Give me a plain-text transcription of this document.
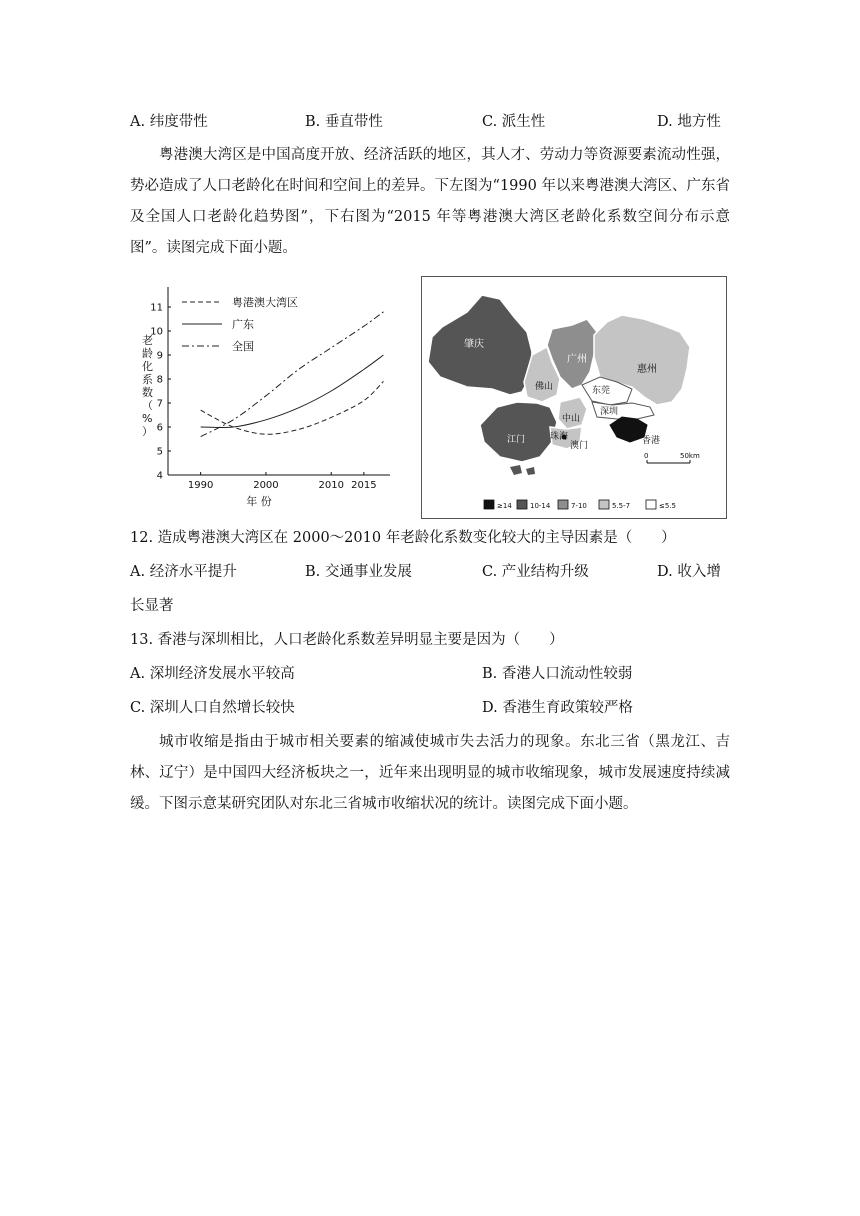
A. 纬度带性	B. 垂直带性	C. 派生性	D. 地方性
粤港澳大湾区是中国高度开放、经济活跃的地区，其人才、劳动力等资源要素流动性强，势必造成了人口老龄化在时间和空间上的差异。下左图为“1990 年以来粤港澳大湾区、广东省及全国人口老龄化趋势图”，下右图为“2015 年等粤港澳大湾区老龄化系数空间分布示意图”。读图完成下面小题。
4
5
6
7
8
9
10
11
1990	2000	2010 2015
年 份
老龄化系数（%）
粤港澳大湾区
广东
全国	肇庆
广州
惠州
佛山	东莞
深圳
中山
江门	珠海
澳门	香港
0	50km
≥14	10-14	7-10	5.5-7	≤5.5
12. 造成粤港澳大湾区在 2000～2010 年老龄化系数变化较大的主导因素是（　　）
A. 经济水平提升	B. 交通事业发展	C. 产业结构升级	D. 收入增
长显著
13. 香港与深圳相比，人口老龄化系数差异明显主要是因为（　　）
A. 深圳经济发展水平较高	B. 香港人口流动性较弱
C. 深圳人口自然增长较快	D. 香港生育政策较严格
城市收缩是指由于城市相关要素的缩减使城市失去活力的现象。东北三省（黑龙江、吉林、辽宁）是中国四大经济板块之一，近年来出现明显的城市收缩现象，城市发展速度持续减缓。下图示意某研究团队对东北三省城市收缩状况的统计。读图完成下面小题。
